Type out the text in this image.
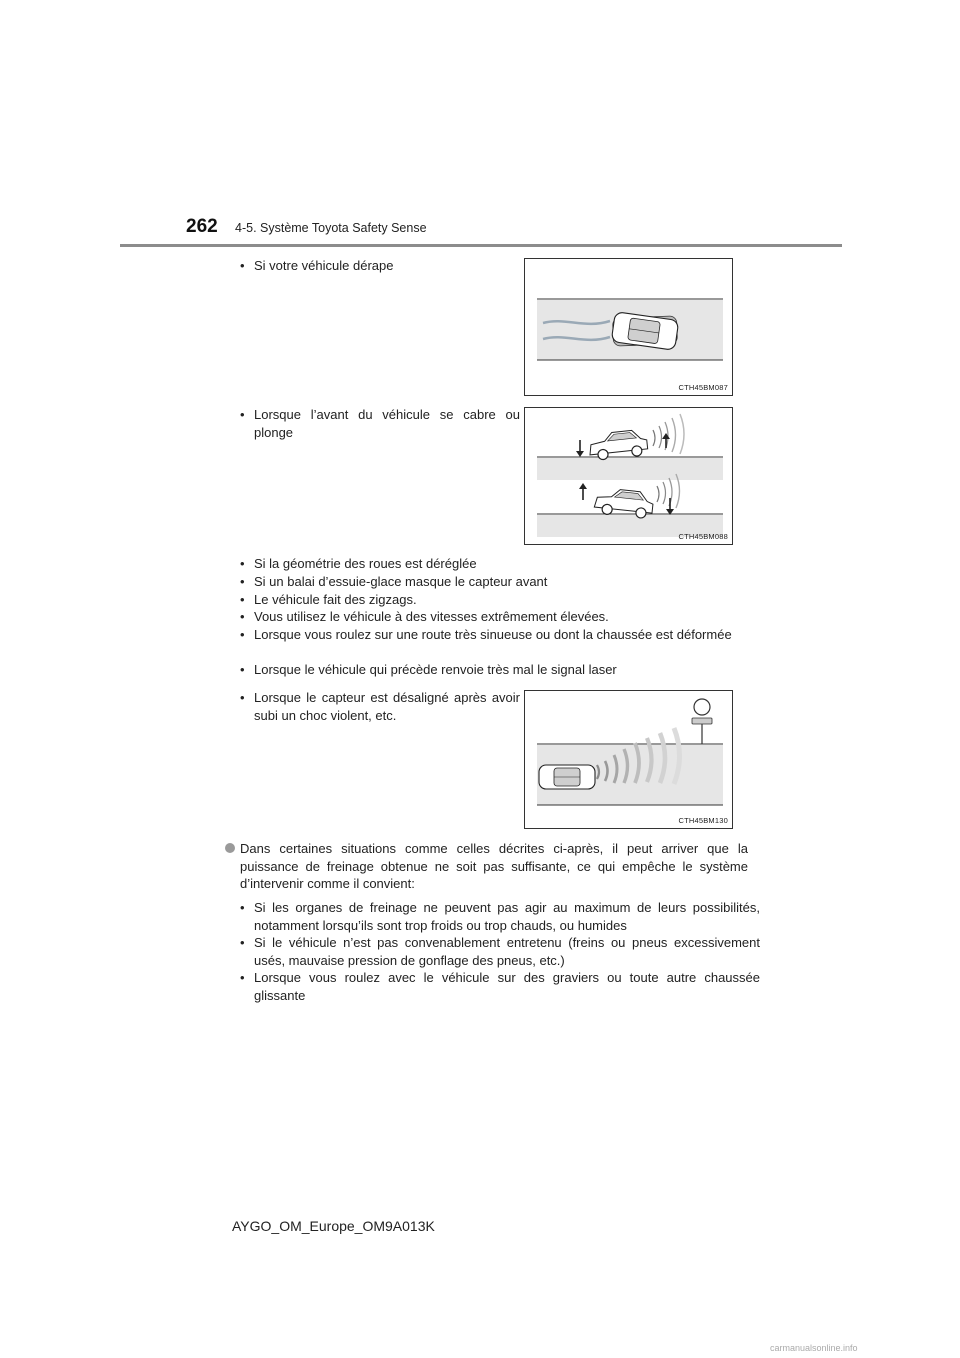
262 4-5. Système Toyota Safety Sense
• Si votre véhicule dérape
CTH45BM087
• Lorsque l’avant du véhicule se cabre ou plonge
CTH45BM088
• Si la géométrie des roues est déréglée
• Si un balai d’essuie-glace masque le capteur avant
• Le véhicule fait des zigzags.
• Vous utilisez le véhicule à des vitesses extrêmement élevées.
• Lorsque vous roulez sur une route très sinueuse ou dont la chaussée est déformée
• Lorsque le véhicule qui précède renvoie très mal le signal laser
• Lorsque le capteur est désaligné après avoir subi un choc violent, etc.
CTH45BM130
Dans certaines situations comme celles décrites ci-après, il peut arriver que la puissance de freinage obtenue ne soit pas suffisante, ce qui empêche le système d’intervenir comme il convient:
• Si les organes de freinage ne peuvent pas agir au maximum de leurs possibilités, notamment lorsqu’ils sont trop froids ou trop chauds, ou humides
• Si le véhicule n’est pas convenablement entretenu (freins ou pneus excessivement usés, mauvaise pression de gonflage des pneus, etc.)
• Lorsque vous roulez avec le véhicule sur des graviers ou toute autre chaussée glissante
AYGO_OM_Europe_OM9A013K
carmanualsonline.info
